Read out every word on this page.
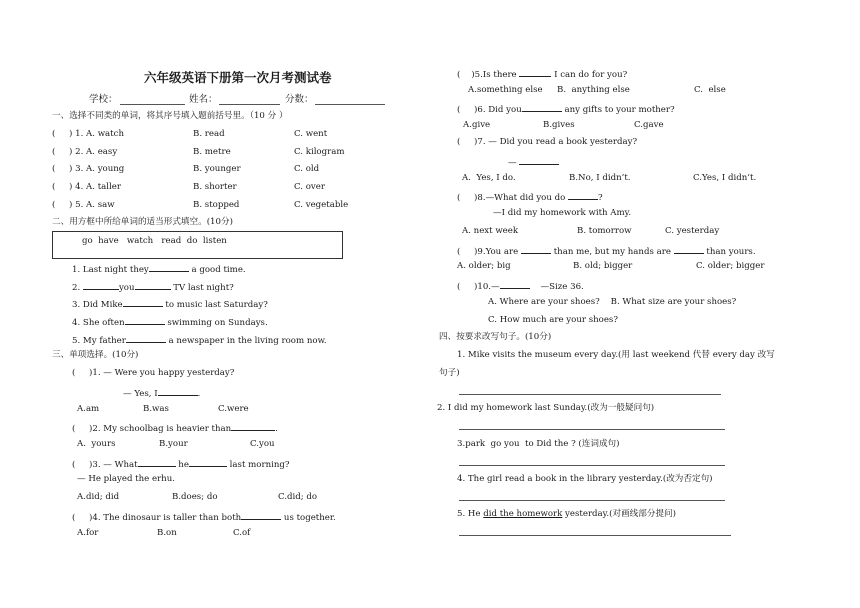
六年级英语下册第一次月考测试卷
学校：	姓名：	分数：
一、选择不同类的单词，将其序号填入题前括号里。（10 分 ）
(     ) 1. A. watch	B. read	C. went
(     ) 2. A. easy	B. metre	C. kilogram
(     ) 3. A. young	B. younger	C. old
(     ) 4. A. taller	B. shorter	C. over
(     ) 5. A. saw	B. stopped	C. vegetable
二、用方框中所给单词的适当形式填空。(10分)
go  have   watch   read  do  listen
1. Last night they	a good time.
2.	you	TV last night?
3. Did Mike	to music last Saturday?
4. She often	swimming on Sundays.
5. My father	a newspaper in the living room now.
三、单项选择。(10分)
(     )1. — Were you happy yesterday?
— Yes, I	.
A.am	B.was	C.were
(     )2. My schoolbag is heavier than	.
A.  yours	B.your	C.you
(     )3. — What	he	last morning?
— He played the erhu.
A.did; did	B.does; do	C.did; do
(     )4. The dinosaur is taller than both	us together.
A.for	B.on	C.of
(    )5.Is there	I can do for you?
A.something else B.  anything else	C.  else
(     )6. Did you	any gifts to your mother?
A.give	B.gives	C.gave
(     )7. — Did you read a book yesterday?
—
A.  Yes, I do.	B.No, I didn’t.	C.Yes, I didn’t.
(     )8.—What did you do	?
—I did my homework with Amy.
A. next week	B. tomorrow	C. yesterday
(     )9.You are	than me, but my hands are	than yours.
A. older; big	B. old; bigger	C. older; bigger
(     )10.—	—Size 36.
A. Where are your shoes?    B. What size are your shoes?
C. How much are your shoes?
四、按要求改写句子。(10分)
1. Mike visits the museum every day.(用 last weekend 代替 every day 改写
句子)
2. I did my homework last Sunday.(改为一般疑问句)
3.park  go you  to Did the ? (连词成句)
4. The girl read a book in the library yesterday.(改为否定句)
5. He did the homework yesterday.(对画线部分提问)
